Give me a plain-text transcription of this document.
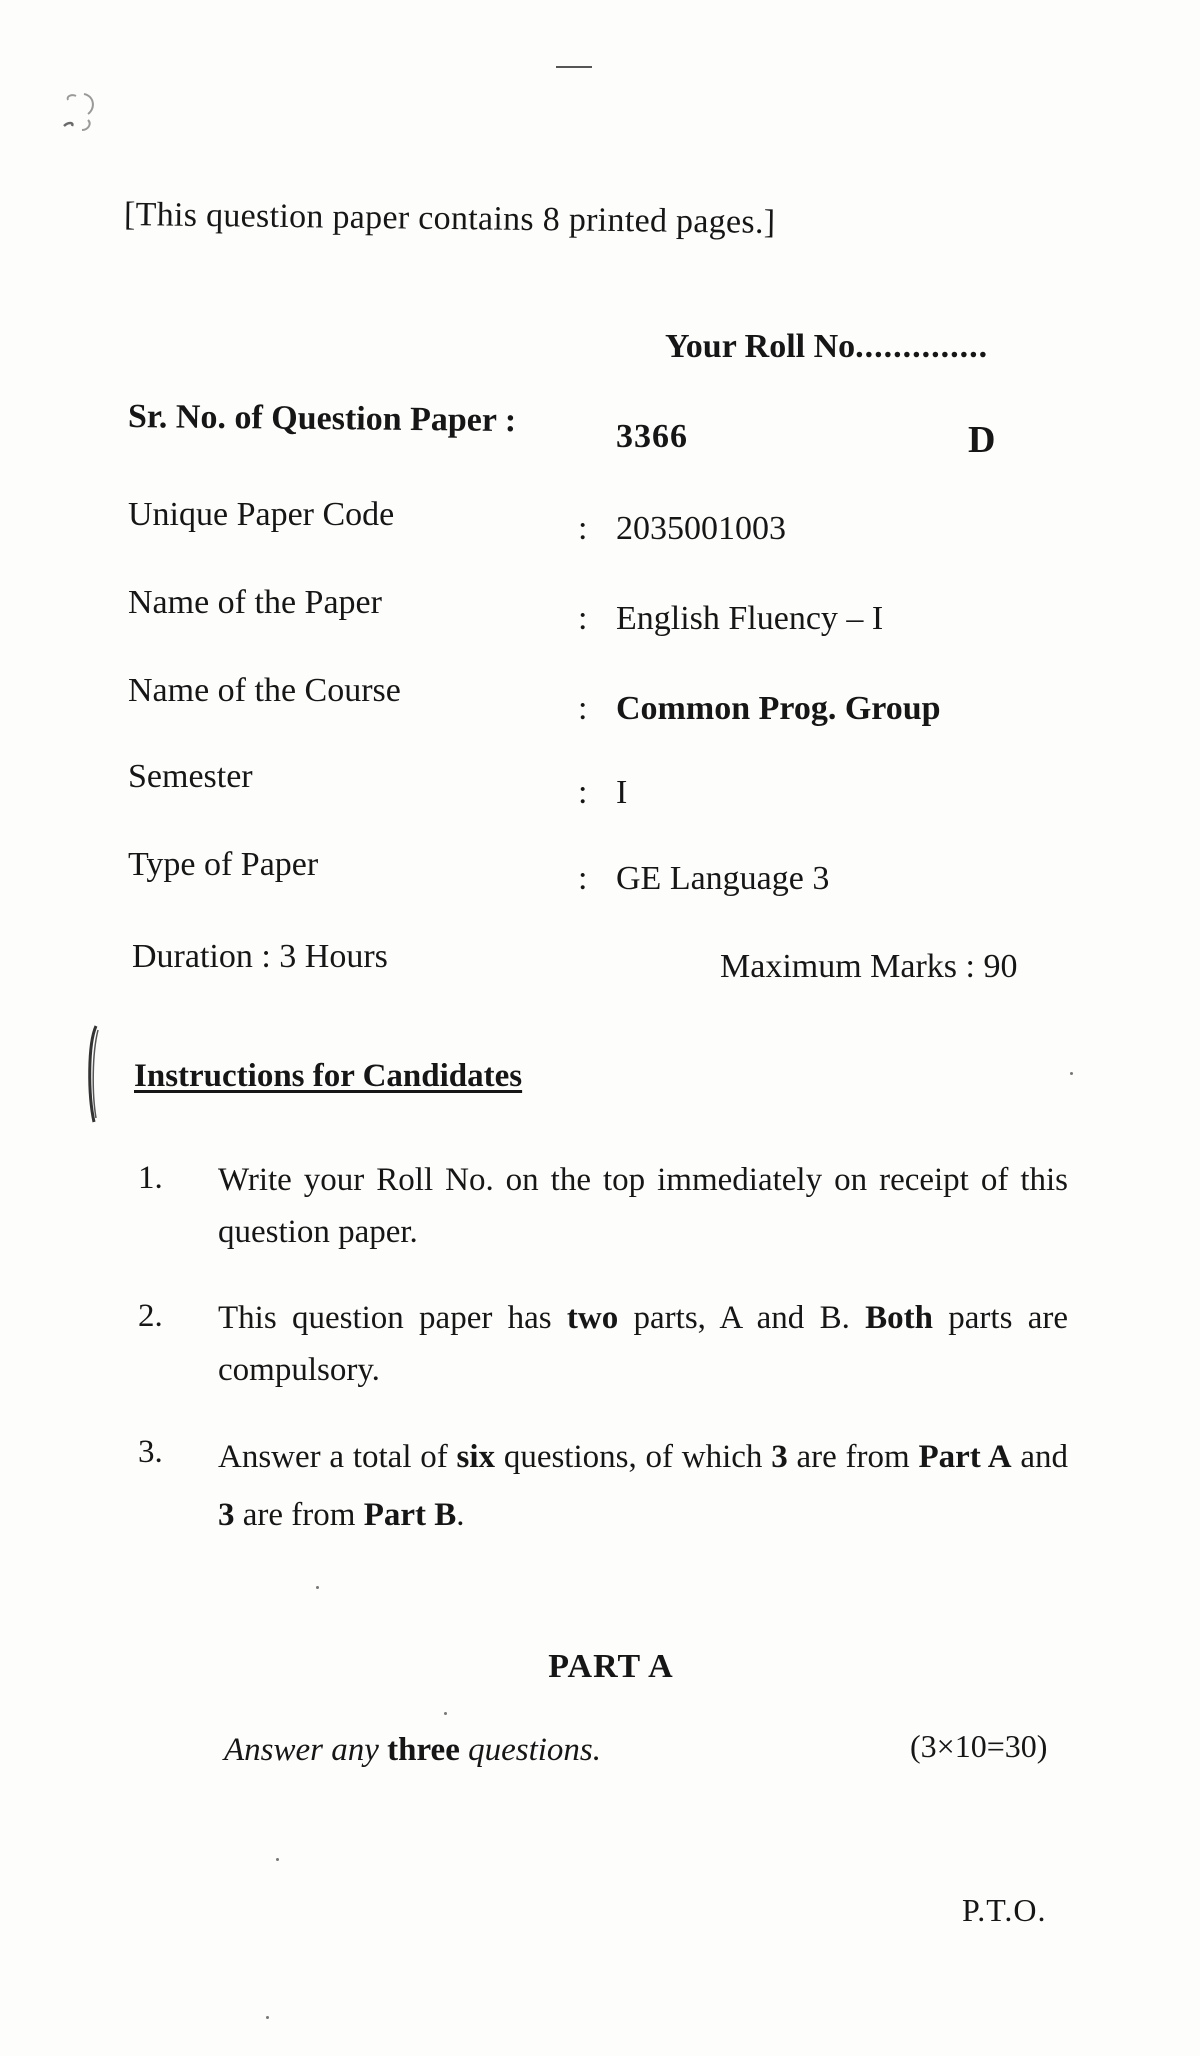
[This question paper contains 8 printed pages.]
Your Roll No..............
Sr. No. of Question Paper :	3366	D
Unique Paper Code	: 2035001003
Name of the Paper	: English Fluency – I
Name of the Course	: Common Prog. Group
Semester	: I
Type of Paper	: GE Language 3
Duration : 3 Hours	Maximum Marks : 90
Instructions for Candidates
1. Write your Roll No. on the top immediately on receipt of this question paper.
2. This question paper has two parts, A and B. Both parts are compulsory.
3. Answer a total of six questions, of which 3 are from Part A and 3 are from Part B.
PART A
Answer any three questions.	(3×10=30)
P.T.O.
